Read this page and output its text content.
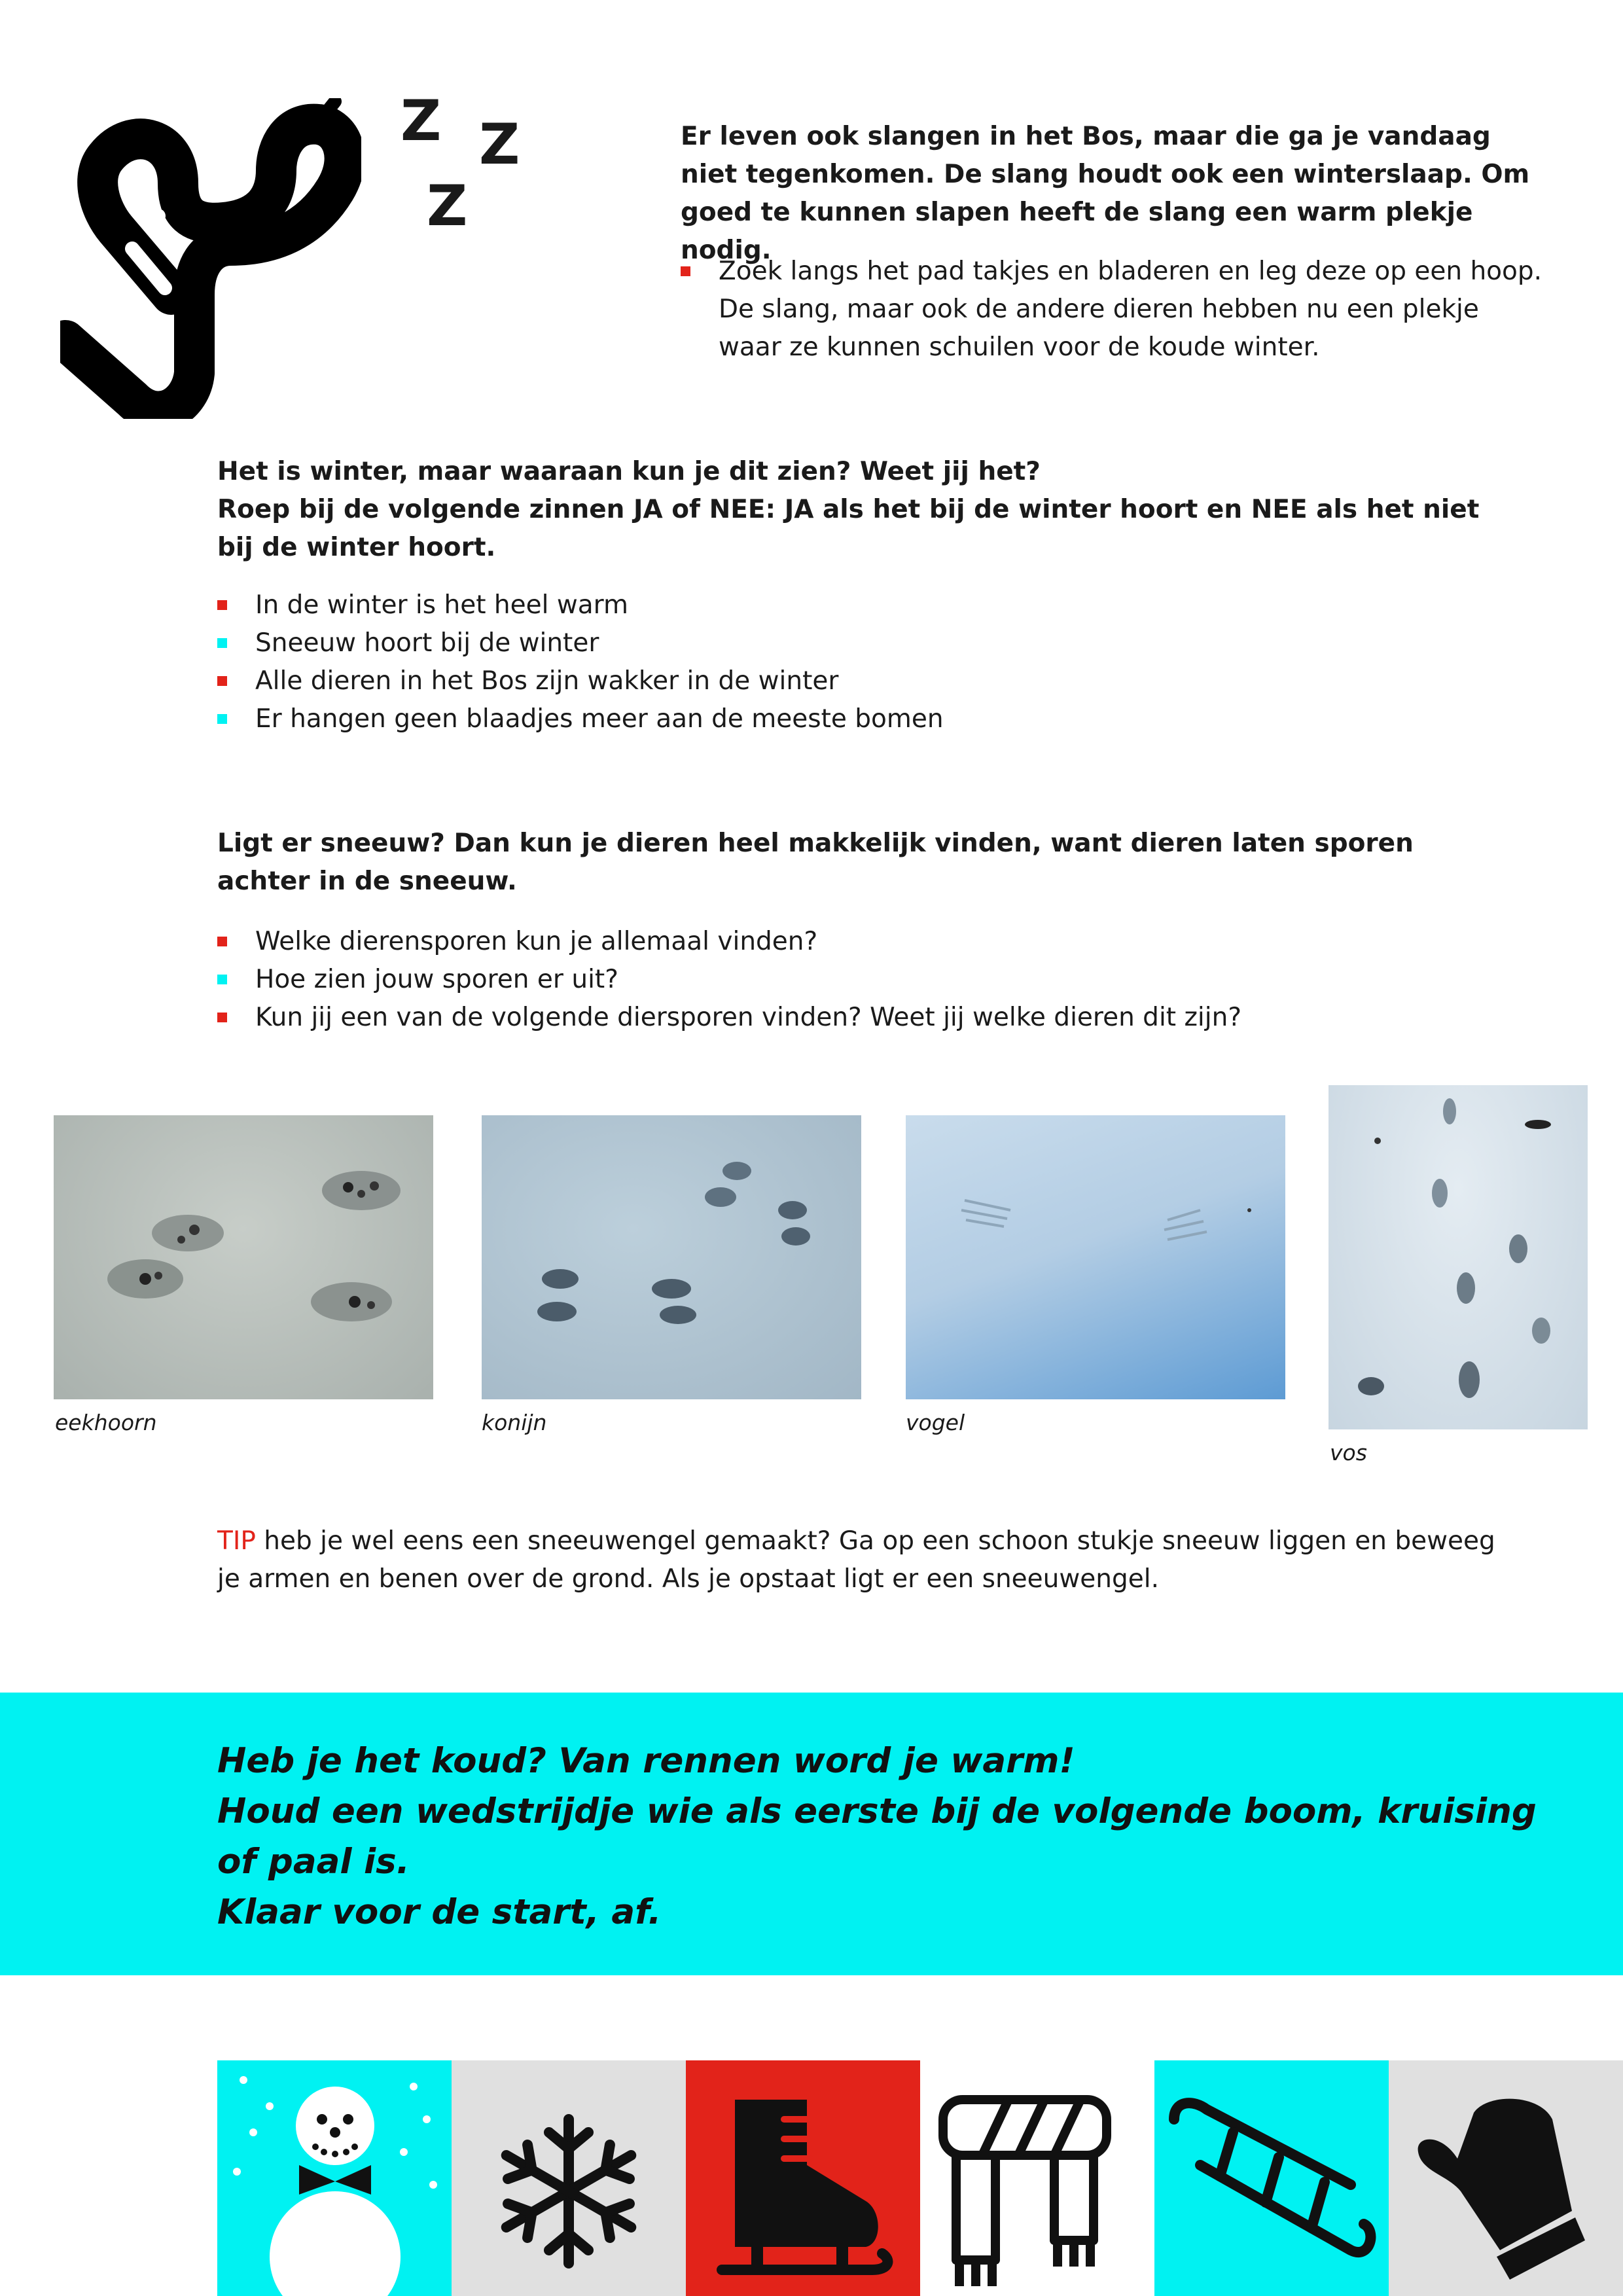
Z Z
Z
Er leven ook slangen in het Bos, maar die ga je vandaag niet tegenkomen. De slang houdt ook een winterslaap. Om goed te kunnen slapen heeft de slang een warm plekje nodig.
Zoek langs het pad takjes en bladeren en leg deze op een hoop. De slang, maar ook de andere dieren hebben nu een plekje waar ze kunnen schuilen voor de koude winter.
Het is winter, maar waaraan kun je dit zien? Weet jij het?
Roep bij de volgende zinnen JA of NEE: JA als het bij de winter hoort en NEE als het niet bij de winter hoort.
In de winter is het heel warm
Sneeuw hoort bij de winter
Alle dieren in het Bos zijn wakker in de winter
Er hangen geen blaadjes meer aan de meeste bomen
Ligt er sneeuw? Dan kun je dieren heel makkelijk vinden, want dieren laten sporen achter in de sneeuw.
Welke dierensporen kun je allemaal vinden?
Hoe zien jouw sporen er uit?
Kun jij een van de volgende diersporen vinden? Weet jij welke dieren dit zijn?
eekhoorn	konijn	vogel
vos
TIP heb je wel eens een sneeuwengel gemaakt? Ga op een schoon stukje sneeuw liggen en beweeg je armen en benen over de grond. Als je opstaat ligt er een sneeuwengel.
Heb je het koud? Van rennen word je warm!
Houd een wedstrijdje wie als eerste bij de volgende boom, kruising
of paal is.
Klaar voor de start, af.
